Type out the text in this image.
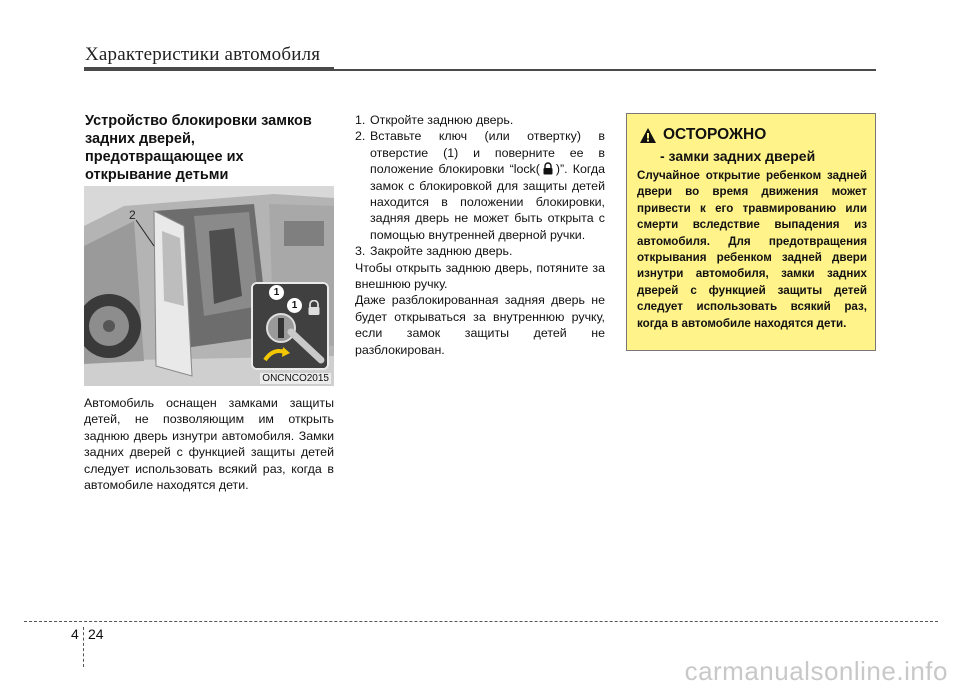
Характеристики автомобиля
Устройство блокировки замков
задних дверей,
предотвращающее их
открывание детьми
2
1
1
ONCNCO2015

Автомобиль оснащен замками защиты детей, не позволяющим им открыть заднюю дверь изнутри автомобиля. Замки задних дверей с функцией защиты детей следует использовать всякий раз, когда в автомобиле находятся дети.

1. Откройте заднюю дверь.
2. Вставьте ключ (или отвертку) в отверстие (1) и поверните ее в положение блокировки “lock( )”. Когда замок с блокировкой для защиты детей находится в положении блокировки, задняя дверь не может быть открыта с помощью внутренней дверной ручки.
3. Закройте заднюю дверь.

Чтобы открыть заднюю дверь, потяните за внешнюю ручку.

Даже разблокированная задняя дверь не будет открываться за внутреннюю ручку, если замок защиты детей не разблокирован.

ОСТОРОЖНО
- замки задних дверей
Случайное открытие ребенком задней двери во время движения может привести к его травмированию или смерти вследствие выпадения из автомобиля. Для предотвращения открывания ребенком задней двери изнутри автомобиля, замки задних дверей с функцией защиты детей следует использовать всякий раз, когда в автомобиле находятся дети.
4 24
carmanualsonline.info
